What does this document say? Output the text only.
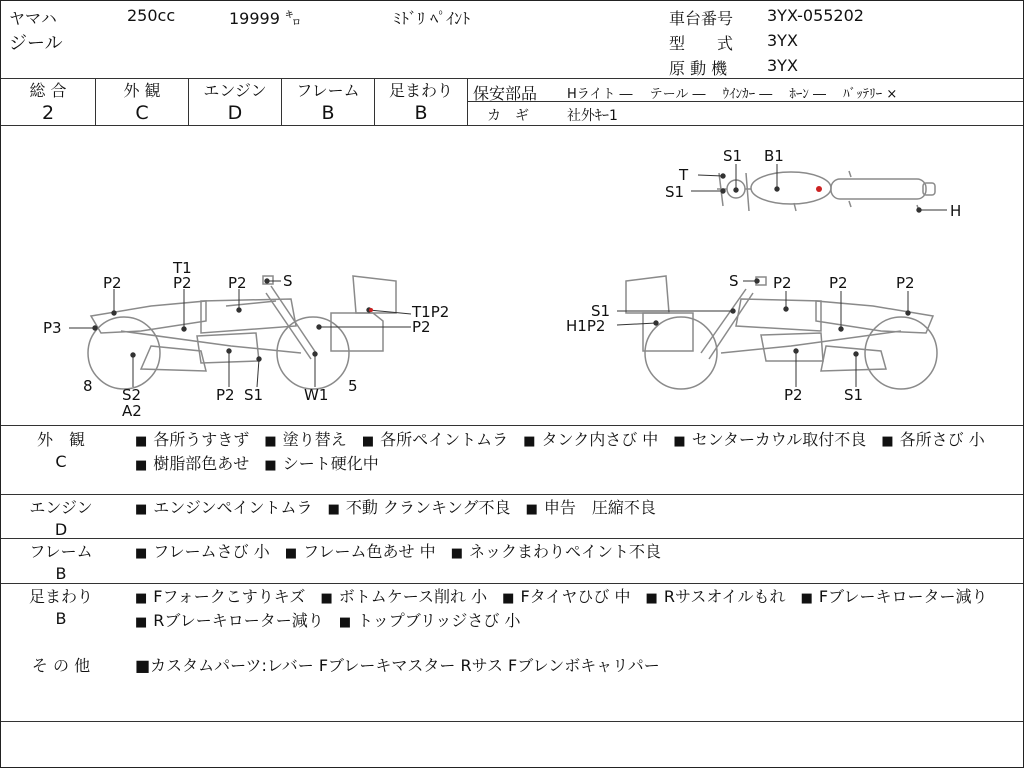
ヤマハ	250cc	19999 ㌔	ﾐﾄﾞﾘ ﾍﾟｲﾝﾄ
ジール
車台番号 3YX-055202
型　　式 3YX
原 動 機 3YX
総 合
2
外 観
C
エンジン
D
フレーム
B
足まわり
B
保安部品 Hライト ―　 テール ―　 ｳｲﾝｶｰ ―　 ﾎｰﾝ ―　 ﾊﾞｯﾃﾘｰ ×
カ　ギ	社外ｷｰ1
T
S1
S1 B1
H
T1
P2
P2	S
P2
P3
T1P2
P2
8 S2
A2
P2 S1	W1 5
S P2 P2	P2
S1
H1P2
P2	S1
外　観
C
■ 各所うすきず ■ 塗り替え ■ 各所ペイントムラ ■ タンク内さび 中 ■ センターカウル取付不良 ■ 各所さび 小 ■ 樹脂部色あせ ■ シート硬化中
エンジン
D
■ エンジンペイントムラ ■ 不動 クランキング不良 ■ 申告　圧縮不良
フレーム
B
■ フレームさび 小 ■ フレーム色あせ 中 ■ ネックまわりペイント不良
足まわり
B
■ Fフォークこすりキズ ■ ボトムケース削れ 小 ■ Fタイヤひび 中 ■ Rサスオイルもれ ■ Fブレーキローター減り ■ Rブレーキローター減り ■ トップブリッジさび 小
そ の 他	■カスタムパーツ:レバー Fブレーキマスター Rサス Fブレンボキャリパー
